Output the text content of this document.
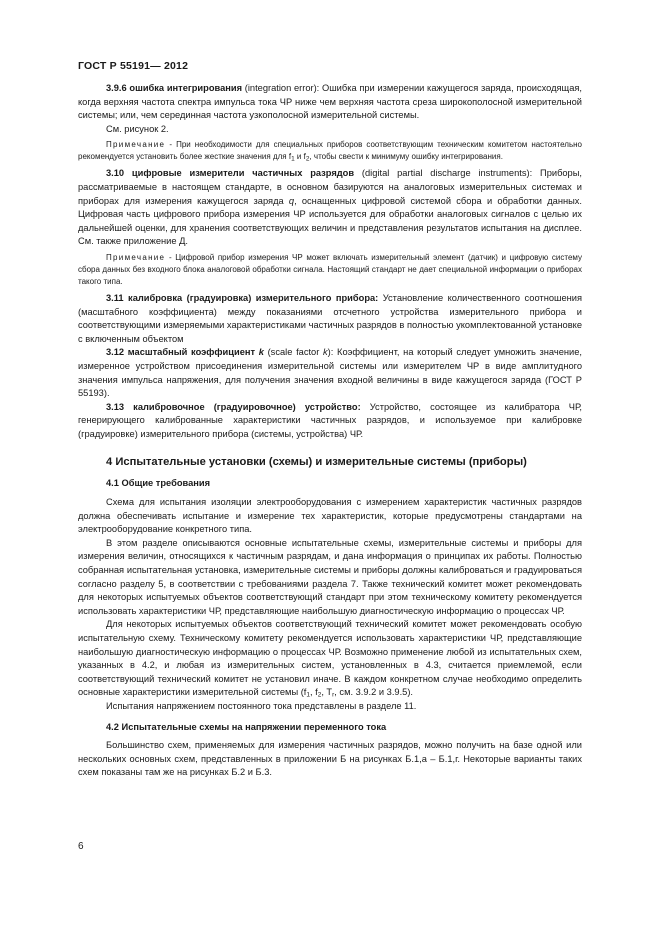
ГОСТ Р 55191— 2012

3.9.6 ошибка интегрирования (integration error): Ошибка при измерении кажущегося заряда, происходящая, когда верхняя частота спектра импульса тока ЧР ниже чем верхняя частота среза широкополосной измерительной системы; или, чем серединная частота узкополосной измерительной системы.

См. рисунок 2.

Примечание - При необходимости для специальных приборов соответствующим техническим комитетом настоятельно рекомендуется установить более жесткие значения для $f_1$ и $f_2$, чтобы свести к минимуму ошибку интегрирования.

3.10 цифровые измерители частичных разрядов (digital partial discharge instruments): Приборы, рассматриваемые в настоящем стандарте, в основном базируются на аналоговых измерительных системах и приборах для измерения кажущегося заряда q, оснащенных цифровой системой сбора и обработки данных. Цифровая часть цифрового прибора измерения ЧР используется для обработки аналоговых сигналов с целью их дальнейшей оценки, для хранения соответствующих величин и представления результатов испытания на дисплее. См. также приложение Д.

Примечание - Цифровой прибор измерения ЧР может включать измерительный элемент (датчик) и цифровую систему сбора данных без входного блока аналоговой обработки сигнала. Настоящий стандарт не дает специальной информации о приборах такого типа.

3.11 калибровка (градуировка) измерительного прибора: Установление количественного соотношения (масштабного коэффициента) между показаниями отсчетного устройства измерительного прибора и соответствующими измеряемыми характеристиками частичных разрядов в полностью укомплектованной установке с включенным объектом

3.12 масштабный коэффициент k (scale factor k): Коэффициент, на который следует умножить значение, измеренное устройством присоединения измерительной системы или измерителем ЧР в виде амплитудного значения импульса напряжения, для получения значения входной величины в виде кажущегося заряда (ГОСТ Р 55193).

3.13 калибровочное (градуировочное) устройство: Устройство, состоящее из калибратора ЧР, генерирующего калиброванные характеристики частичных разрядов, и используемое при калибровке (градуировке) измерительного прибора (системы, устройства) ЧР.

4 Испытательные установки (схемы) и измерительные системы (приборы)
4.1 Общие требования

Схема для испытания изоляции электрооборудования с измерением характеристик частичных разрядов должна обеспечивать испытание и измерение тех характеристик, которые предусмотрены стандартами на электрооборудование конкретного типа.

В этом разделе описываются основные испытательные схемы, измерительные системы и приборы для измерения величин, относящихся к частичным разрядам, и дана информация о принципах их работы. Полностью собранная испытательная установка, измерительные системы и приборы должны калиброваться и градуироваться согласно разделу 5, в соответствии с требованиями раздела 7. Также технический комитет может рекомендовать для некоторых испытуемых объектов соответствующий стандарт при этом техническому комитету рекомендуется использовать характеристики ЧР, представляющие наибольшую диагностическую информацию о процессах ЧР.

Для некоторых испытуемых объектов соответствующий технический комитет может рекомендовать особую испытательную схему. Техническому комитету рекомендуется использовать характеристики ЧР, представляющие наибольшую диагностическую информацию о процессах ЧР. Возможно применение любой из испытательных схем, указанных в 4.2, и любая из измерительных систем, установленных в 4.3, считается приемлемой, если соответствующий технический комитет не установил иначе. В каждом конкретном случае необходимо определить основные характеристики измерительной системы ($f_1$, $f_2$, $T_r$, см. 3.9.2 и 3.9.5).

Испытания напряжением постоянного тока представлены в разделе 11.

4.2 Испытательные схемы на напряжении переменного тока

Большинство схем, применяемых для измерения частичных разрядов, можно получить на базе одной или нескольких основных схем, представленных в приложении Б на рисунках Б.1,а – Б.1,г. Некоторые варианты таких схем показаны там же на рисунках Б.2 и Б.3.

6
